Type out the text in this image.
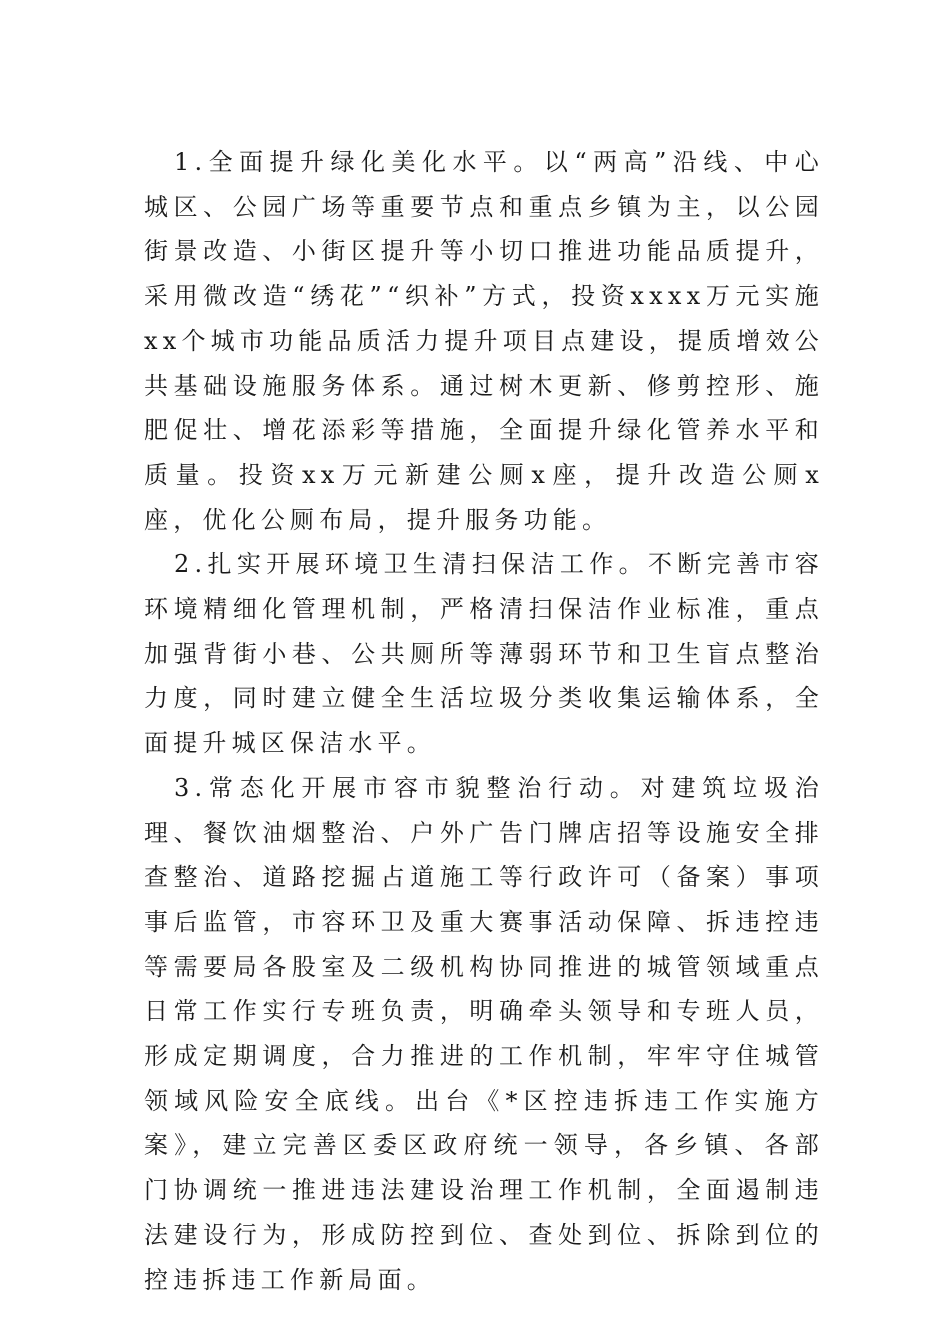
1.全面提升绿化美化水平。以“两高”沿线、中心城区、公园广场等重要节点和重点乡镇为主，以公园街景改造、小街区提升等小切口推进功能品质提升，采用微改造“绣花”“织补”方式，投资xxxx万元实施xx个城市功能品质活力提升项目点建设，提质增效公共基础设施服务体系。通过树木更新、修剪控形、施肥促壮、增花添彩等措施，全面提升绿化管养水平和质量。投资xx万元新建公厕x座，提升改造公厕x座，优化公厕布局，提升服务功能。

2.扎实开展环境卫生清扫保洁工作。不断完善市容环境精细化管理机制，严格清扫保洁作业标准，重点加强背街小巷、公共厕所等薄弱环节和卫生盲点整治力度，同时建立健全生活垃圾分类收集运输体系，全面提升城区保洁水平。

3.常态化开展市容市貌整治行动。对建筑垃圾治理、餐饮油烟整治、户外广告门牌店招等设施安全排查整治、道路挖掘占道施工等行政许可（备案）事项事后监管，市容环卫及重大赛事活动保障、拆违控违等需要局各股室及二级机构协同推进的城管领域重点日常工作实行专班负责，明确牵头领导和专班人员，形成定期调度，合力推进的工作机制，牢牢守住城管领域风险安全底线。出台《*区控违拆违工作实施方案》，建立完善区委区政府统一领导，各乡镇、各部门协调统一推进违法建设治理工作机制，全面遏制违法建设行为，形成防控到位、查处到位、拆除到位的控违拆违工作新局面。
